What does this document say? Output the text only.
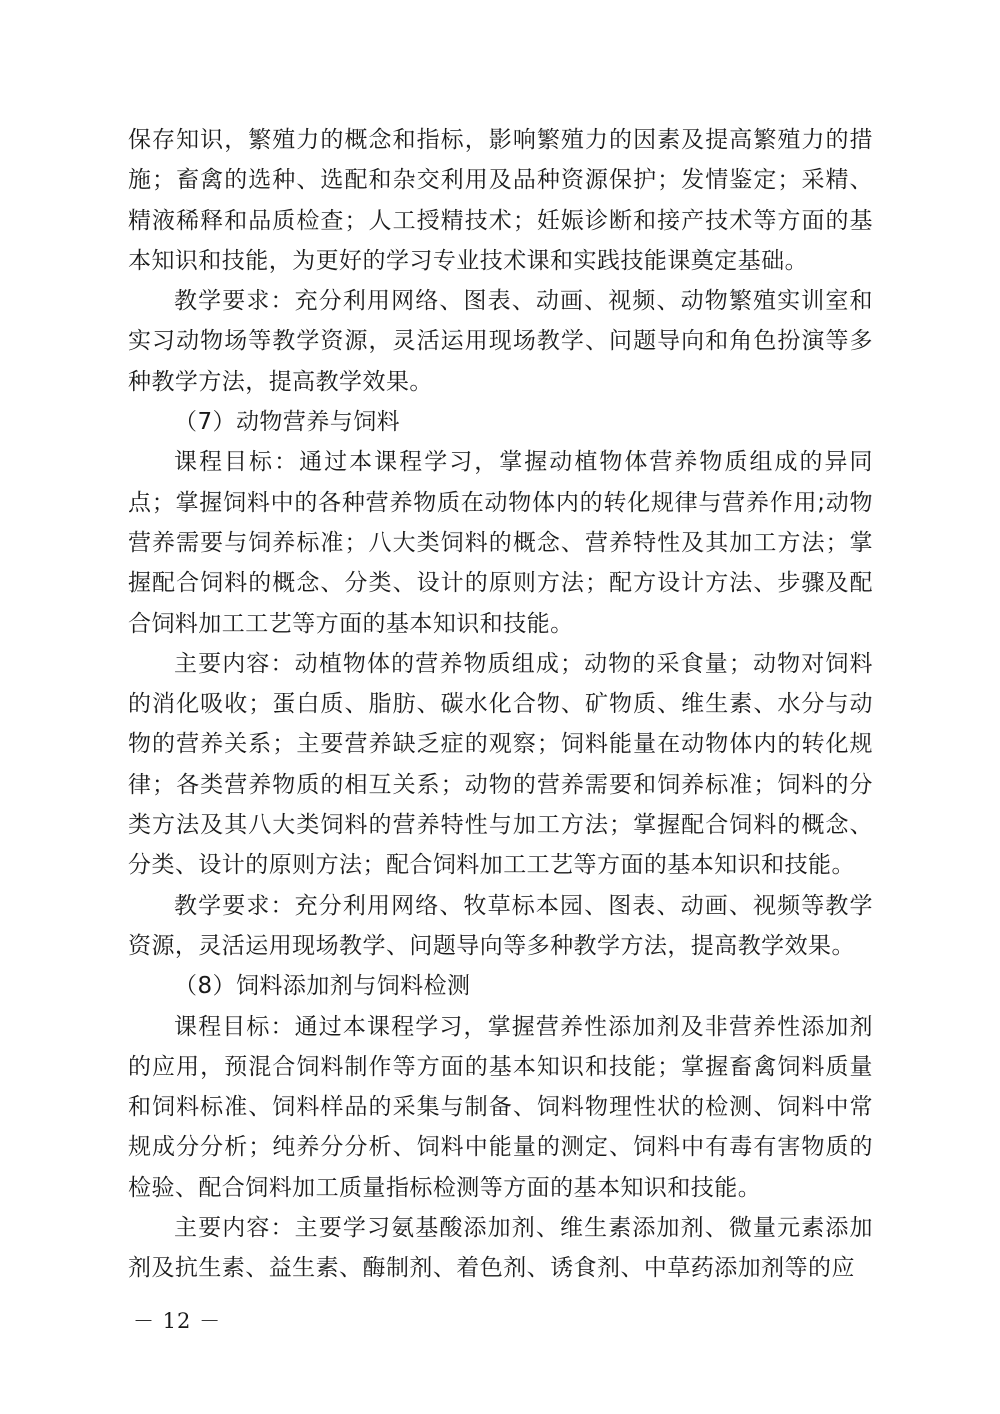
保存知识，繁殖力的概念和指标，影响繁殖力的因素及提高繁殖力的措施；畜禽的选种、选配和杂交利用及品种资源保护；发情鉴定；采精、精液稀释和品质检查；人工授精技术；妊娠诊断和接产技术等方面的基本知识和技能，为更好的学习专业技术课和实践技能课奠定基础。

教学要求：充分利用网络、图表、动画、视频、动物繁殖实训室和实习动物场等教学资源，灵活运用现场教学、问题导向和角色扮演等多种教学方法，提高教学效果。

（7）动物营养与饲料

课程目标：通过本课程学习，掌握动植物体营养物质组成的异同点；掌握饲料中的各种营养物质在动物体内的转化规律与营养作用;动物营养需要与饲养标准；八大类饲料的概念、营养特性及其加工方法；掌握配合饲料的概念、分类、设计的原则方法；配方设计方法、步骤及配合饲料加工工艺等方面的基本知识和技能。

主要内容：动植物体的营养物质组成；动物的采食量；动物对饲料的消化吸收；蛋白质、脂肪、碳水化合物、矿物质、维生素、水分与动物的营养关系；主要营养缺乏症的观察；饲料能量在动物体内的转化规律；各类营养物质的相互关系；动物的营养需要和饲养标准；饲料的分类方法及其八大类饲料的营养特性与加工方法；掌握配合饲料的概念、分类、设计的原则方法；配合饲料加工工艺等方面的基本知识和技能。

教学要求：充分利用网络、牧草标本园、图表、动画、视频等教学资源，灵活运用现场教学、问题导向等多种教学方法，提高教学效果。

（8）饲料添加剂与饲料检测

课程目标：通过本课程学习，掌握营养性添加剂及非营养性添加剂的应用，预混合饲料制作等方面的基本知识和技能；掌握畜禽饲料质量和饲料标准、饲料样品的采集与制备、饲料物理性状的检测、饲料中常规成分分析；纯养分分析、饲料中能量的测定、饲料中有毒有害物质的检验、配合饲料加工质量指标检测等方面的基本知识和技能。

主要内容：主要学习氨基酸添加剂、维生素添加剂、微量元素添加剂及抗生素、益生素、酶制剂、着色剂、诱食剂、中草药添加剂等的应

－ 12 －
